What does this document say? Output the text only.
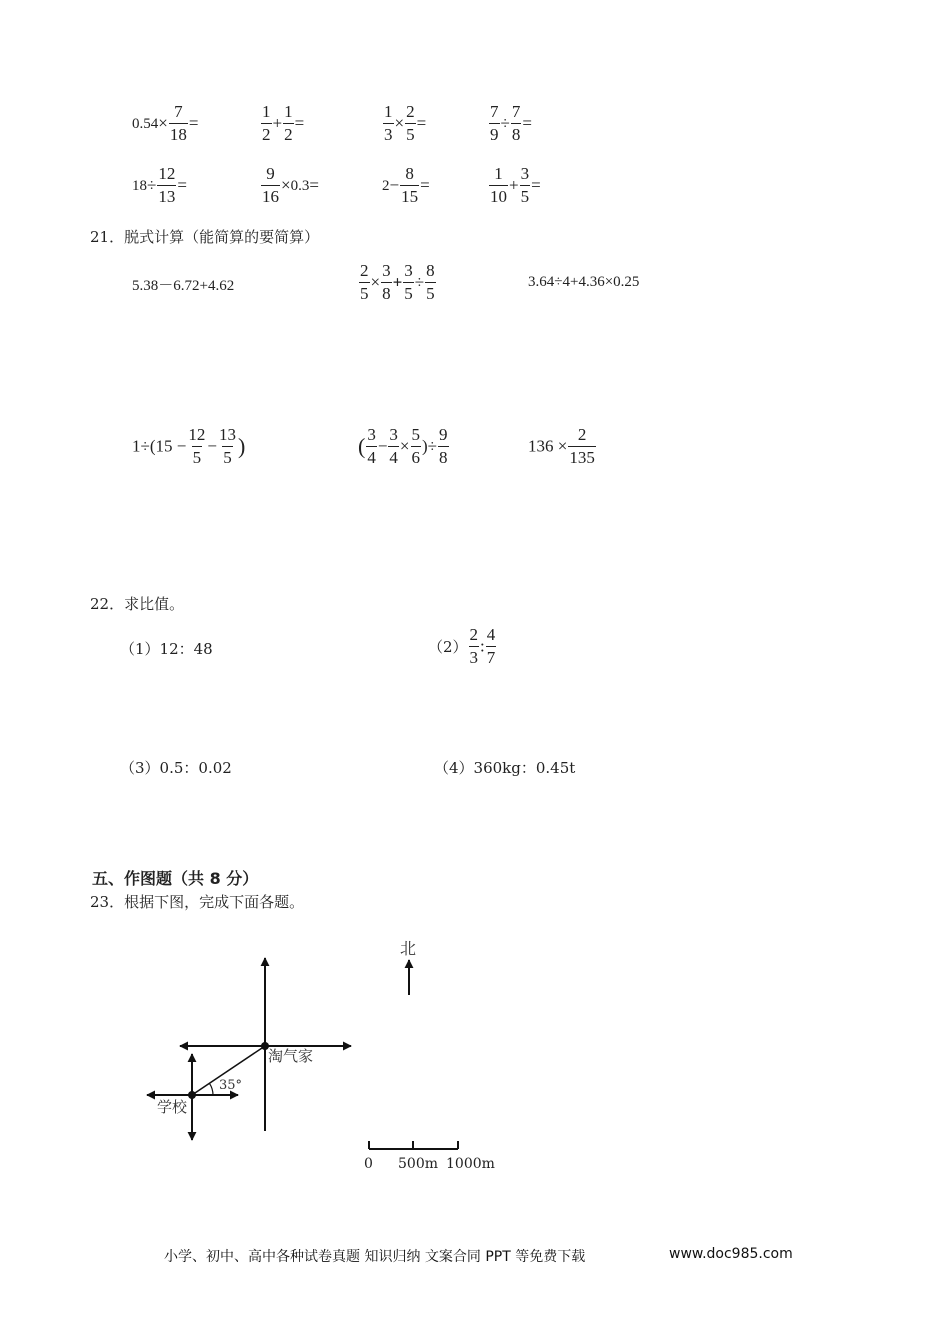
$0.54\times \frac{7}{18}$ =	$\frac{1}{2} + \frac{1}{2}$ =	$\frac{1}{3} \times \frac{2}{5}$ =	$\frac{7}{9} \div \frac{7}{8}$ =
$18\div \frac{12}{13}$ =	$\frac{9}{16} \times 0.3=$	$2- \frac{8}{15}$ =	$\frac{1}{10} + \frac{3}{5}$ =
21．脱式计算（能简算的要简算）
5.38－6.72+4.62	$\frac{2}{5} \times \frac{3}{8} + \frac{3}{5} \div \frac{8}{5}$	3.64÷4+4.36×0.25
$1\div(15 - \frac{12}{5} - \frac{13}{5}$ )	( $\frac{3}{4} - \frac{3}{4} \times \frac{5}{6}$ )÷ $\frac{9}{8}$	$136 \times \frac{2}{135}$
22．求比值。
（1）12：48	$(2) \frac{2}{3}$ : $\frac{4}{7}$
（3）0.5：0.02	（4）360kg：0.45t
五、作图题（共 8 分）
23．根据下图，完成下面各题。
北
淘气家
学校
35°
0 500m 1000m
小学、初中、高中各种试卷真题 知识归纳 文案合同 PPT 等免费下载	www.doc985.com
